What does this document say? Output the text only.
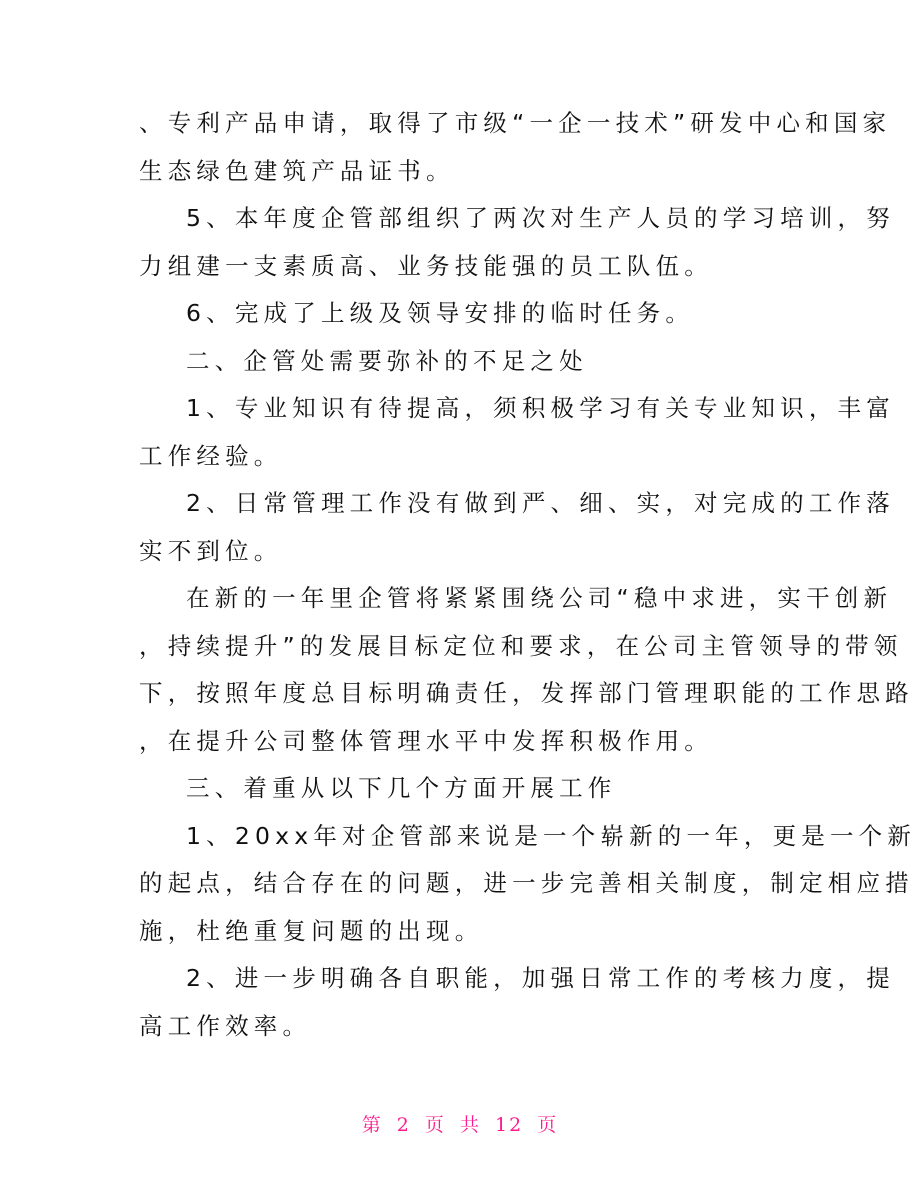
、专利产品申请，取得了市级“一企一技术”研发中心和国家
生态绿色建筑产品证书。
5、本年度企管部组织了两次对生产人员的学习培训，努
力组建一支素质高、业务技能强的员工队伍。
6、完成了上级及领导安排的临时任务。
二、企管处需要弥补的不足之处
1、专业知识有待提高，须积极学习有关专业知识，丰富
工作经验。
2、日常管理工作没有做到严、细、实，对完成的工作落
实不到位。
在新的一年里企管将紧紧围绕公司“稳中求进，实干创新
，持续提升”的发展目标定位和要求，在公司主管领导的带领
下，按照年度总目标明确责任，发挥部门管理职能的工作思路
，在提升公司整体管理水平中发挥积极作用。
三、着重从以下几个方面开展工作
1、20xx年对企管部来说是一个崭新的一年，更是一个新
的起点，结合存在的问题，进一步完善相关制度，制定相应措
施，杜绝重复问题的出现。
2、进一步明确各自职能，加强日常工作的考核力度，提
高工作效率。
第 2 页 共 12 页
